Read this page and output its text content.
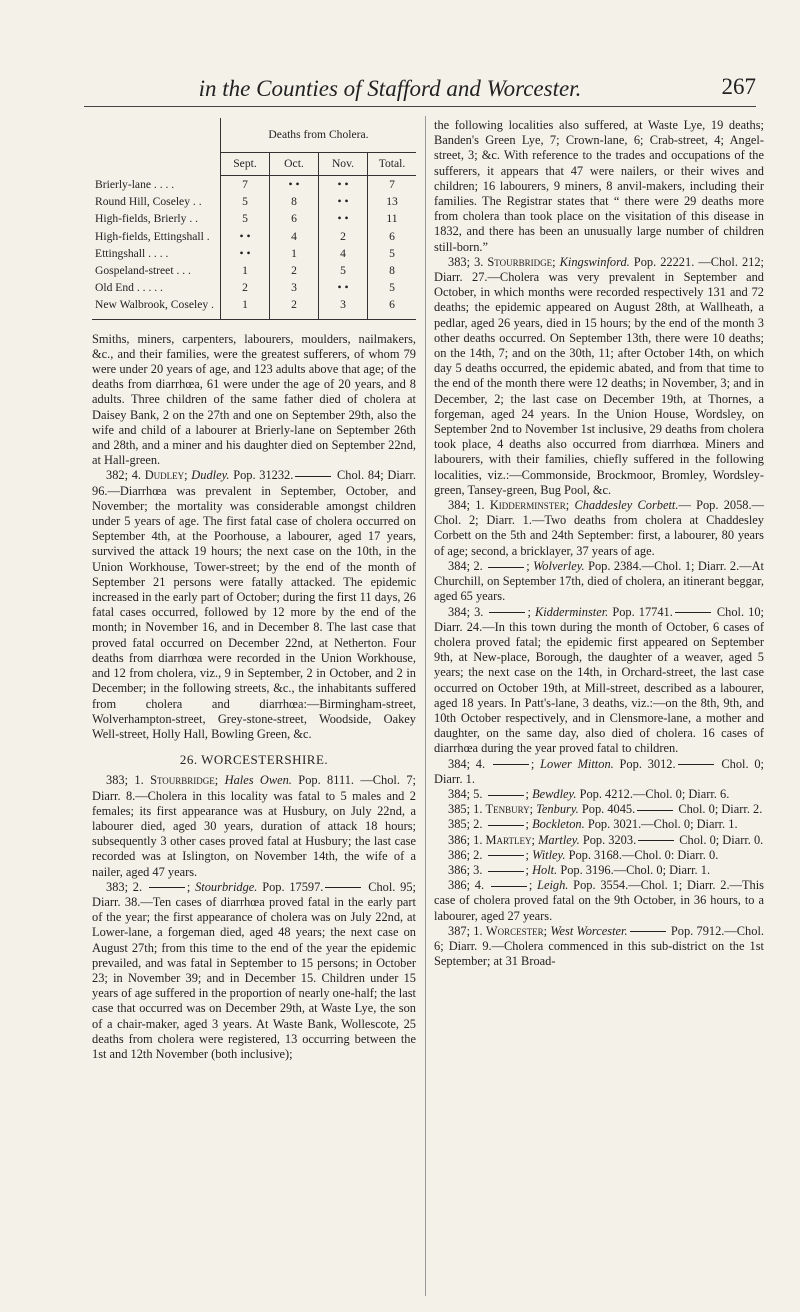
in the Counties of Stafford and Worcester.	267
	Deaths from Cholera.			
	Sept.	Oct.	Nov.	Total.
Brierly-lane . . . .	7	• •	• •	7
Round Hill, Coseley . .	5	8	• •	13
High-fields, Brierly . .	5	6	• •	11
High-fields, Ettingshall .	• •	4	2	6
Ettingshall . . . .	• •	1	4	5
Gospeland-street . . .	1	2	5	8
Old End . . . . .	2	3	• •	5
New Walbrook, Coseley .	1	2	3	6

Smiths, miners, carpenters, labourers, moulders, nailmakers, &c., and their families, were the greatest sufferers, of whom 79 were under 20 years of age, and 123 adults above that age; of the deaths from diarrhœa, 61 were under the age of 20 years, and 8 adults. Three children of the same father died of cholera at Daisey Bank, 2 on the 27th and one on September 29th, also the wife and child of a labourer at Brierly-lane on September 26th and 28th, and a miner and his daughter died on September 22nd, at Hall-green.

382; 4. Dudley; Dudley. Pop. 31232.	Chol. 84; Diarr. 96.—Diarrhœa was prevalent in September, October, and November; the mortality was considerable amongst children under 5 years of age. The first fatal case of cholera occurred on September 4th, at the Poorhouse, a labourer, aged 17 years, survived the attack 19 hours; the next case on the 10th, in the Union Workhouse, Tower-street; by the end of the month of September 21 persons were fatally attacked. The epidemic increased in the early part of October; during the first 11 days, 26 fatal cases occurred, followed by 12 more by the end of the month; in November 16, and in December 8. The last case that proved fatal occurred on December 22nd, at Netherton. Four deaths from diarrhœa were recorded in the Union Workhouse, and 12 from cholera, viz., 9 in September, 2 in October, and 2 in December; in the following streets, &c., the inhabitants suffered from cholera and diarrhœa:—Birmingham-street, Wolverhampton-street, Grey-stone-street, Woodside, Oakey Well-street, Holly Hall, Bowling Green, &c.

26. WORCESTERSHIRE.

383; 1. Stourbridge; Hales Owen. Pop. 8111. —Chol. 7; Diarr. 8.—Cholera in this locality was fatal to 5 males and 2 females; its first appearance was at Husbury, on July 22nd, a labourer died, aged 30 years, duration of attack 18 hours; subsequently 3 other cases proved fatal at Husbury; the last case recorded was at Islington, on November 14th, the wife of a nailer, aged 47 years.

383; 2.	; Stourbridge. Pop. 17597.	Chol. 95; Diarr. 38.—Ten cases of diarrhœa proved fatal in the early part of the year; the first appearance of cholera was on July 22nd, at Lower-lane, a forgeman died, aged 48 years; the next case on August 27th; from this time to the end of the year the epidemic prevailed, and was fatal in September to 15 persons; in October 23; in November 39; and in December 15. Children under 15 years of age suffered in the proportion of nearly one-half; the last case that occurred was on December 29th, at Waste Lye, the son of a chair-maker, aged 3 years. At Waste Bank, Wollescote, 25 deaths from cholera were registered, 13 occurring between the 1st and 12th November (both inclusive);

the following localities also suffered, at Waste Lye, 19 deaths; Banden's Green Lye, 7; Crown-lane, 6; Crab-street, 4; Angel-street, 3; &c. With reference to the trades and occupations of the sufferers, it appears that 47 were nailers, or their wives and children; 16 labourers, 9 miners, 8 anvil-makers, including their families. The Registrar states that “ there were 29 deaths more from cholera than took place on the visitation of this disease in 1832, and there has been an unusually large number of children still-born.”

383; 3. Stourbridge; Kingswinford. Pop. 22221. —Chol. 212; Diarr. 27.—Cholera was very prevalent in September and October, in which months were recorded respectively 131 and 72 deaths; the epidemic appeared on August 28th, at Wallheath, a pedlar, aged 26 years, died in 15 hours; by the end of the month 3 other deaths occurred. On September 13th, there were 10 deaths; on the 14th, 7; and on the 30th, 11; after October 14th, on which day 5 deaths occurred, the epidemic abated, and from that time to the end of the month there were 12 deaths; in November, 3; and in December, 2; the last case on December 19th, at Thornes, a forgeman, aged 24 years. In the Union House, Wordsley, on September 2nd to November 1st inclusive, 29 deaths from cholera took place, 4 deaths also occurred from diarrhœa. Miners and labourers, with their families, chiefly suffered in the following localities, viz.:—Commonside, Brockmoor, Bromley, Wordsley-green, Tansey-green, Bug Pool, &c.

384; 1. Kidderminster; Chaddesley Corbett.— Pop. 2058.—Chol. 2; Diarr. 1.—Two deaths from cholera at Chaddesley Corbett on the 5th and 24th September: first, a labourer, 80 years of age; second, a bricklayer, 37 years of age.

384; 2.	; Wolverley. Pop. 2384.—Chol. 1; Diarr. 2.—At Churchill, on September 17th, died of cholera, an itinerant beggar, aged 65 years.

384; 3.	; Kidderminster. Pop. 17741.	Chol. 10; Diarr. 24.—In this town during the month of October, 6 cases of cholera proved fatal; the epidemic first appeared on September 9th, at New-place, Borough, the daughter of a weaver, aged 5 years; the next case on the 14th, in Orchard-street, the last case occurred on October 19th, at Mill-street, described as a labourer, aged 18 years. In Patt's-lane, 3 deaths, viz.:—on the 8th, 9th, and 10th October respectively, and in Clensmore-lane, a mother and daughter, on the same day, also died of cholera. 16 cases of diarrhœa during the year proved fatal to children.

384; 4.	; Lower Mitton. Pop. 3012.	Chol. 0; Diarr. 1.

384; 5.	; Bewdley. Pop. 4212.—Chol. 0; Diarr. 6.

385; 1. Tenbury; Tenbury. Pop. 4045.	Chol. 0; Diarr. 2.

385; 2.	; Bockleton. Pop. 3021.—Chol. 0; Diarr. 1.

386; 1. Martley; Martley. Pop. 3203.	Chol. 0; Diarr. 0.

386; 2.	; Witley. Pop. 3168.—Chol. 0: Diarr. 0.

386; 3.	; Holt. Pop. 3196.—Chol. 0; Diarr. 1.

386; 4.	; Leigh. Pop. 3554.—Chol. 1; Diarr. 2.—This case of cholera proved fatal on the 9th October, in 36 hours, to a labourer, aged 27 years.

387; 1. Worcester; West Worcester.	Pop. 7912.—Chol. 6; Diarr. 9.—Cholera commenced in this sub-district on the 1st September; at 31 Broad-
